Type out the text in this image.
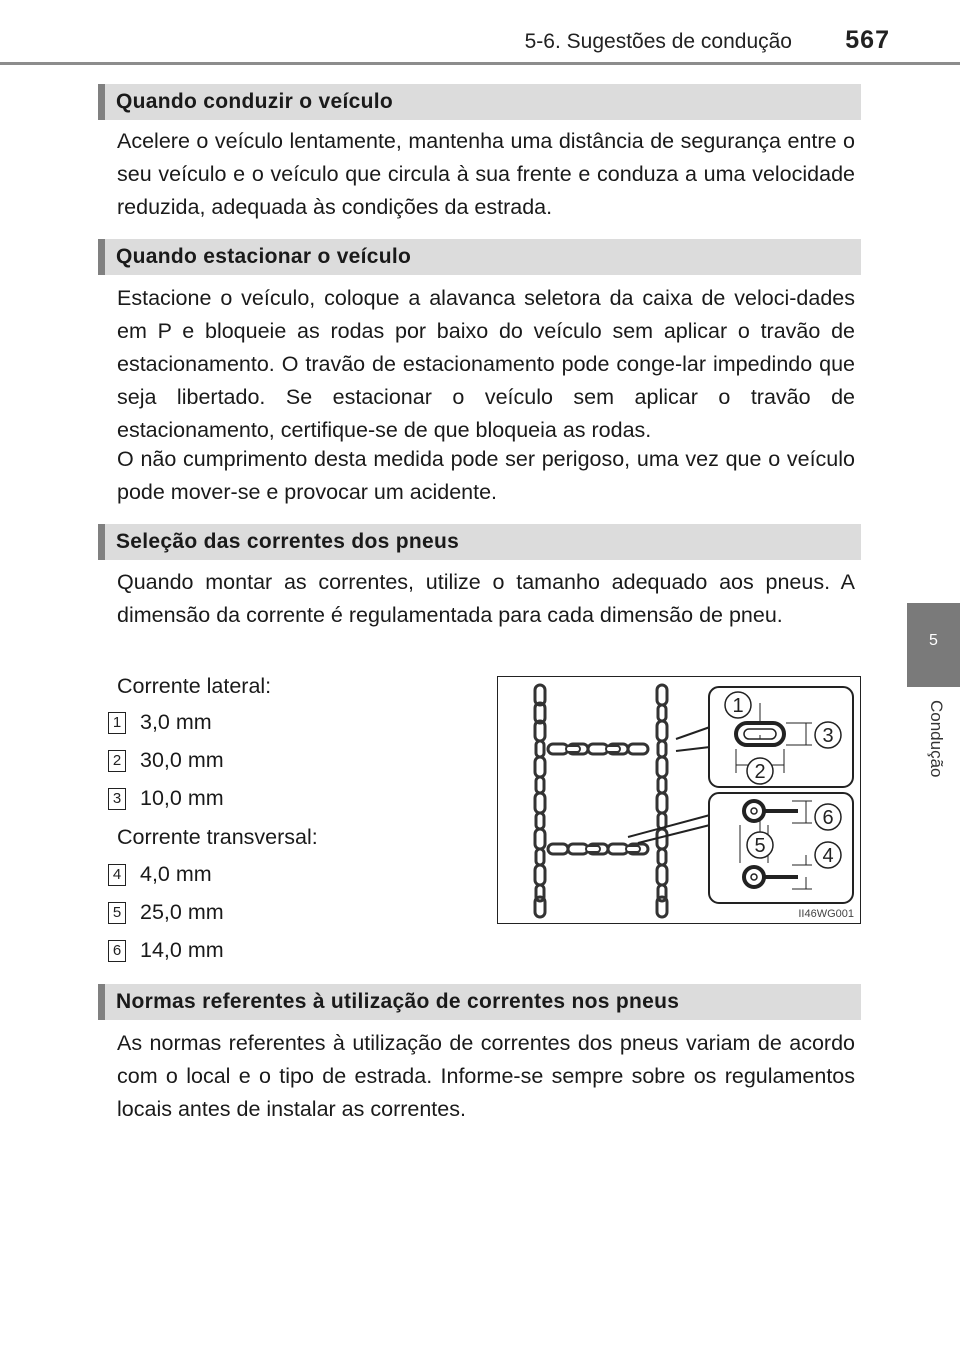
5-6. Sugestões de condução 567
5
Condução
Quando conduzir o veículo

Acelere o veículo lentamente, mantenha uma distância de segurança entre o seu veículo e o veículo que circula à sua frente e conduza a uma velocidade reduzida, adequada às condições da estrada.

Quando estacionar o veículo

Estacione o veículo, coloque a alavanca seletora da caixa de veloci-dades em P e bloqueie as rodas por baixo do veículo sem aplicar o travão de estacionamento. O travão de estacionamento pode conge-lar impedindo que seja libertado. Se estacionar o veículo sem aplicar o travão de estacionamento, certifique-se de que bloqueia as rodas.

O não cumprimento desta medida pode ser perigoso, uma vez que o veículo pode mover-se e provocar um acidente.

Seleção das correntes dos pneus

Quando montar as correntes, utilize o tamanho adequado aos pneus. A dimensão da corrente é regulamentada para cada dimensão de pneu.

Corrente lateral:
1 3,0 mm
2 30,0 mm
3 10,0 mm
Corrente transversal:
4 4,0 mm
5 25,0 mm
6 14,0 mm
1
2
3
5
6
4
II46WG001
Normas referentes à utilização de correntes nos pneus

As normas referentes à utilização de correntes dos pneus variam de acordo com o local e o tipo de estrada. Informe-se sempre sobre os regulamentos locais antes de instalar as correntes.
